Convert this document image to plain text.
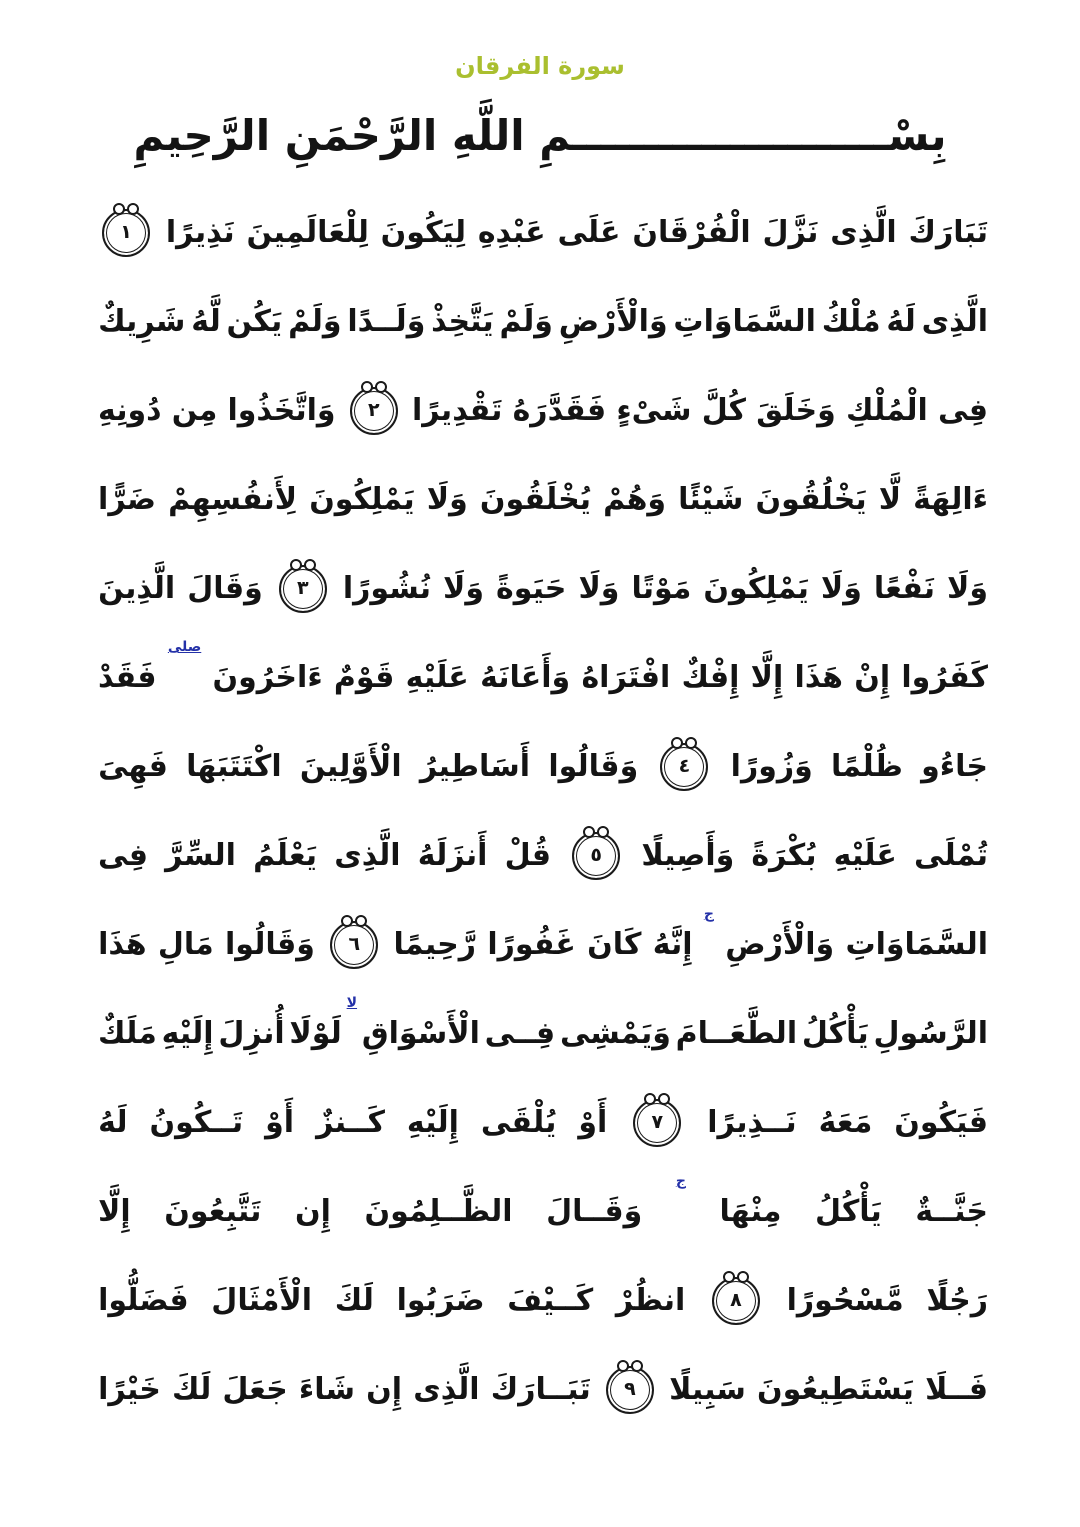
سورة الفرقان
بِسْــــــــــــــــــــــمِ اللَّهِ الرَّحْمَنِ الرَّحِيمِ
تَبَارَكَ
الَّذِى
نَزَّلَ
الْفُرْقَانَ
عَلَى
عَبْدِهِ
لِيَكُونَ
لِلْعَالَمِينَ
نَذِيرًا
١
الَّذِى
لَهُ
مُلْكُ
السَّمَاوَاتِ
وَالْأَرْضِ
وَلَمْ
يَتَّخِذْ
وَلَــدًا
وَلَمْ
يَكُن
لَّهُ
شَرِيكٌ
فِى
الْمُلْكِ
وَخَلَقَ
كُلَّ
شَىْءٍ
فَقَدَّرَهُ
تَقْدِيرًا
٢
وَاتَّخَذُوا
مِن
دُونِهِ
ءَالِهَةً
لَّا
يَخْلُقُونَ
شَيْئًا
وَهُمْ
يُخْلَقُونَ
وَلَا
يَمْلِكُونَ
لِأَنفُسِهِمْ
ضَرًّا
وَلَا
نَفْعًا
وَلَا
يَمْلِكُونَ
مَوْتًا
وَلَا
حَيَوةً
وَلَا
نُشُورًا
٣
وَقَالَ
الَّذِينَ
كَفَرُوا
إِنْ
هَذَا
إِلَّا
إِفْكٌ
افْتَرَاهُ
وَأَعَانَهُ
عَلَيْهِ
قَوْمٌ
ءَاخَرُونَ
صلى
فَقَدْ
جَاءُو
ظُلْمًا
وَزُورًا
٤
وَقَالُوا
أَسَاطِيرُ
الْأَوَّلِينَ
اكْتَتَبَهَا
فَهِىَ
تُمْلَى
عَلَيْهِ
بُكْرَةً
وَأَصِيلًا
٥
قُلْ
أَنزَلَهُ
الَّذِى
يَعْلَمُ
السِّرَّ
فِى
السَّمَاوَاتِ
وَالْأَرْضِ
ج
إِنَّهُ
كَانَ
غَفُورًا
رَّحِيمًا
٦
وَقَالُوا
مَالِ
هَذَا
الرَّسُولِ
يَأْكُلُ
الطَّعَــامَ
وَيَمْشِى
فِــى
الْأَسْوَاقِ
لا
لَوْلَا
أُنزِلَ
إِلَيْهِ
مَلَكٌ
فَيَكُونَ
مَعَهُ
نَــذِيرًا
٧
أَوْ
يُلْقَى
إِلَيْهِ
كَــنزٌ
أَوْ
تَــكُونُ
لَهُ
جَنَّــةٌ
يَأْكُلُ
مِنْهَا
ج
وَقَــالَ
الظَّــلِمُونَ
إِن
تَتَّبِعُونَ
إِلَّا
رَجُلًا
مَّسْحُورًا
٨
انظُرْ
كَــيْفَ
ضَرَبُوا
لَكَ
الْأَمْثَالَ
فَضَلُّوا
فَــلَا
يَسْتَطِيعُونَ
سَبِيلًا
٩
تَبَــارَكَ
الَّذِى
إِن
شَاءَ
جَعَلَ
لَكَ
خَيْرًا
